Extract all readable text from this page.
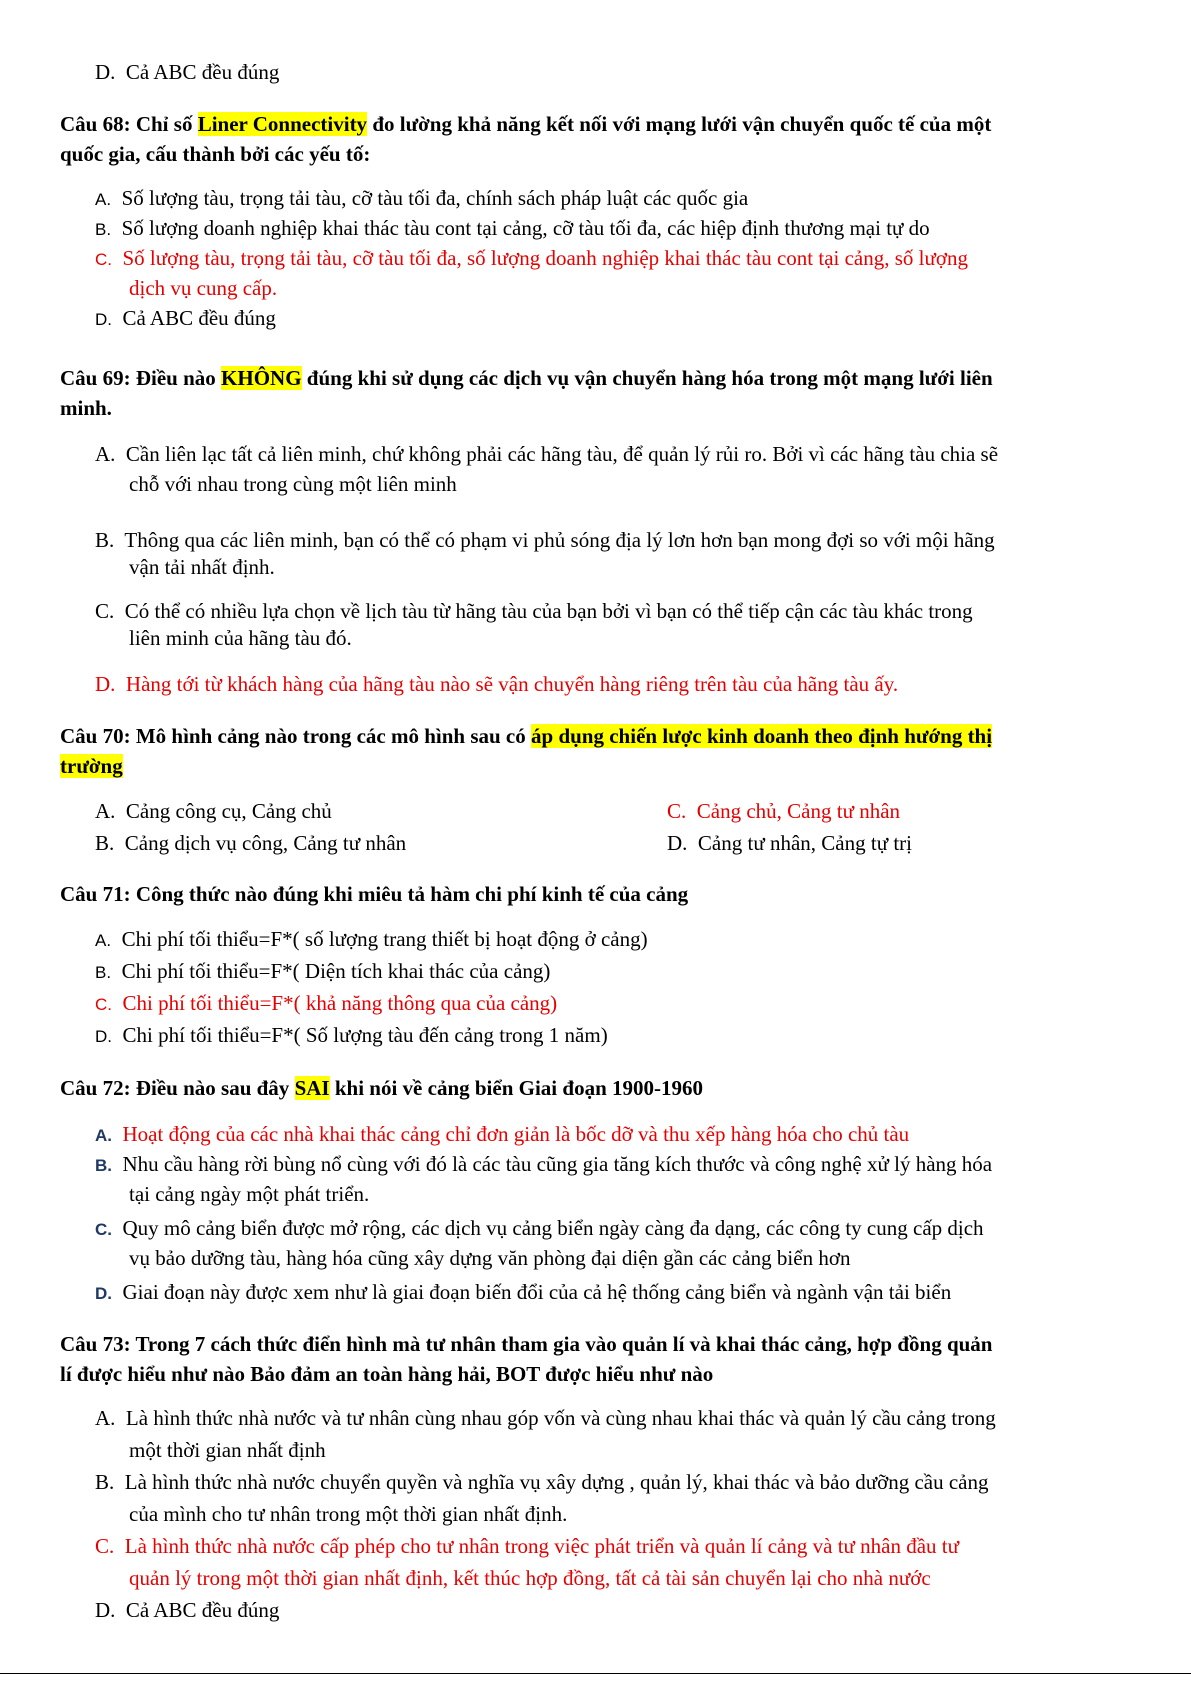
D. Cả ABC đều đúng
Câu 68: Chỉ số Liner Connectivity đo lường khả năng kết nối với mạng lưới vận chuyển quốc tế của một
quốc gia, cấu thành bởi các yếu tố:
A. Số lượng tàu, trọng tải tàu, cỡ tàu tối đa, chính sách pháp luật các quốc gia
B. Số lượng doanh nghiệp khai thác tàu cont tại cảng, cỡ tàu tối đa, các hiệp định thương mại tự do
C. Số lượng tàu, trọng tải tàu, cỡ tàu tối đa, số lượng doanh nghiệp khai thác tàu cont tại cảng, số lượng
dịch vụ cung cấp.
D. Cả ABC đều đúng
Câu 69: Điều nào KHÔNG đúng khi sử dụng các dịch vụ vận chuyển hàng hóa trong một mạng lưới liên
minh.
A. Cần liên lạc tất cả liên minh, chứ không phải các hãng tàu, để quản lý rủi ro. Bởi vì các hãng tàu chia sẽ
chỗ với nhau trong cùng một liên minh
B. Thông qua các liên minh, bạn có thể có phạm vi phủ sóng địa lý lơn hơn bạn mong đợi so với mội hãng
vận tải nhất định.
C. Có thể có nhiều lựa chọn về lịch tàu từ hãng tàu của bạn bởi vì bạn có thể tiếp cận các tàu khác trong
liên minh của hãng tàu đó.
D. Hàng tới từ khách hàng của hãng tàu nào sẽ vận chuyển hàng riêng trên tàu của hãng tàu ấy.
Câu 70: Mô hình cảng nào trong các mô hình sau có áp dụng chiến lược kinh doanh theo định hướng thị
trường
A. Cảng công cụ, Cảng chủ	C. Cảng chủ, Cảng tư nhân
B. Cảng dịch vụ công, Cảng tư nhân	D. Cảng tư nhân, Cảng tự trị
Câu 71: Công thức nào đúng khi miêu tả hàm chi phí kinh tế của cảng
A. Chi phí tối thiểu=F*( số lượng trang thiết bị hoạt động ở cảng)
B. Chi phí tối thiểu=F*( Diện tích khai thác của cảng)
C. Chi phí tối thiểu=F*( khả năng thông qua của cảng)
D. Chi phí tối thiểu=F*( Số lượng tàu đến cảng trong 1 năm)
Câu 72: Điều nào sau đây SAI khi nói về cảng biển Giai đoạn 1900-1960
A. Hoạt động của các nhà khai thác cảng chỉ đơn giản là bốc dỡ và thu xếp hàng hóa cho chủ tàu
B. Nhu cầu hàng rời bùng nổ cùng với đó là các tàu cũng gia tăng kích thước và công nghệ xử lý hàng hóa
tại cảng ngày một phát triển.
C. Quy mô cảng biển được mở rộng, các dịch vụ cảng biển ngày càng đa dạng, các công ty cung cấp dịch
vụ bảo dưỡng tàu, hàng hóa cũng xây dựng văn phòng đại diện gần các cảng biển hơn
D. Giai đoạn này được xem như là giai đoạn biến đổi của cả hệ thống cảng biển và ngành vận tải biển
Câu 73: Trong 7 cách thức điển hình mà tư nhân tham gia vào quản lí và khai thác cảng, hợp đồng quản
lí được hiểu như nào Bảo đảm an toàn hàng hải, BOT được hiểu như nào
A. Là hình thức nhà nước và tư nhân cùng nhau góp vốn và cùng nhau khai thác và quản lý cầu cảng trong
một thời gian nhất định
B. Là hình thức nhà nước chuyển quyền và nghĩa vụ xây dựng , quản lý, khai thác và bảo dưỡng cầu cảng
của mình cho tư nhân trong một thời gian nhất định.
C. Là hình thức nhà nước cấp phép cho tư nhân trong việc phát triển và quản lí cảng và tư nhân đầu tư
quản lý trong một thời gian nhất định, kết thúc hợp đồng, tất cả tài sản chuyển lại cho nhà nước
D. Cả ABC đều đúng
